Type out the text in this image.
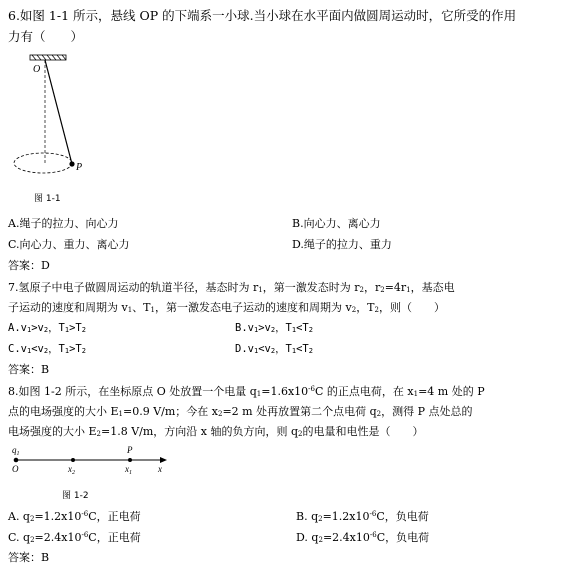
6.如图 1-1 所示，悬线 OP 的下端系一小球.当小球在水平面内做圆周运动时，它所受的作用
力有（　　）
O
P
图 1-1
A.绳子的拉力、向心力	B.向心力、离心力
C.向心力、重力、离心力	D.绳子的拉力、重力
答案：D
7.氢原子中电子做圆周运动的轨道半径，基态时为 $r_1$，第一激发态时为 $r_2$，$r_2=4r_1$，基态电
子运动的速度和周期为 $v_1$、$T_1$，第一激发态电子运动的速度和周期为 $v_2$，$T_2$，则（　　）
$A.v_1>v_2$，$T_1>T_2$	$B.v_1>v_2$，$T_1<T_2$
$C.v_1<v_2$，$T_1>T_2$	$D.v_1<v_2$，$T_1<T_2$
答案：B
8.如图 1-2 所示，在坐标原点 O 处放置一个电量 $q_1=1.6x10^{-6}C$ 的正点电荷，在 $x_1=4$ m 处的 P
点的电场强度的大小 $E_1=0.9$ V/m；今在 $x_2=2$ m 处再放置第二个点电荷 $q_2$，测得 P 点处总的
电场强度的大小 $E_2=1.8$ V/m，方向沿 x 轴的负方向，则 $q_2$的电量和电性是（　　）
$q_1$
O	$x_2$
P
$x_1$	x
图 1-2
A. $q_2=1.2x10^{-6}C$，正电荷	B. $q_2=1.2x10^{-6}C$，负电荷
C. $q_2=2.4x10^{-6}C$，正电荷	D. $q_2=2.4x10^{-6}C$，负电荷
答案：B
